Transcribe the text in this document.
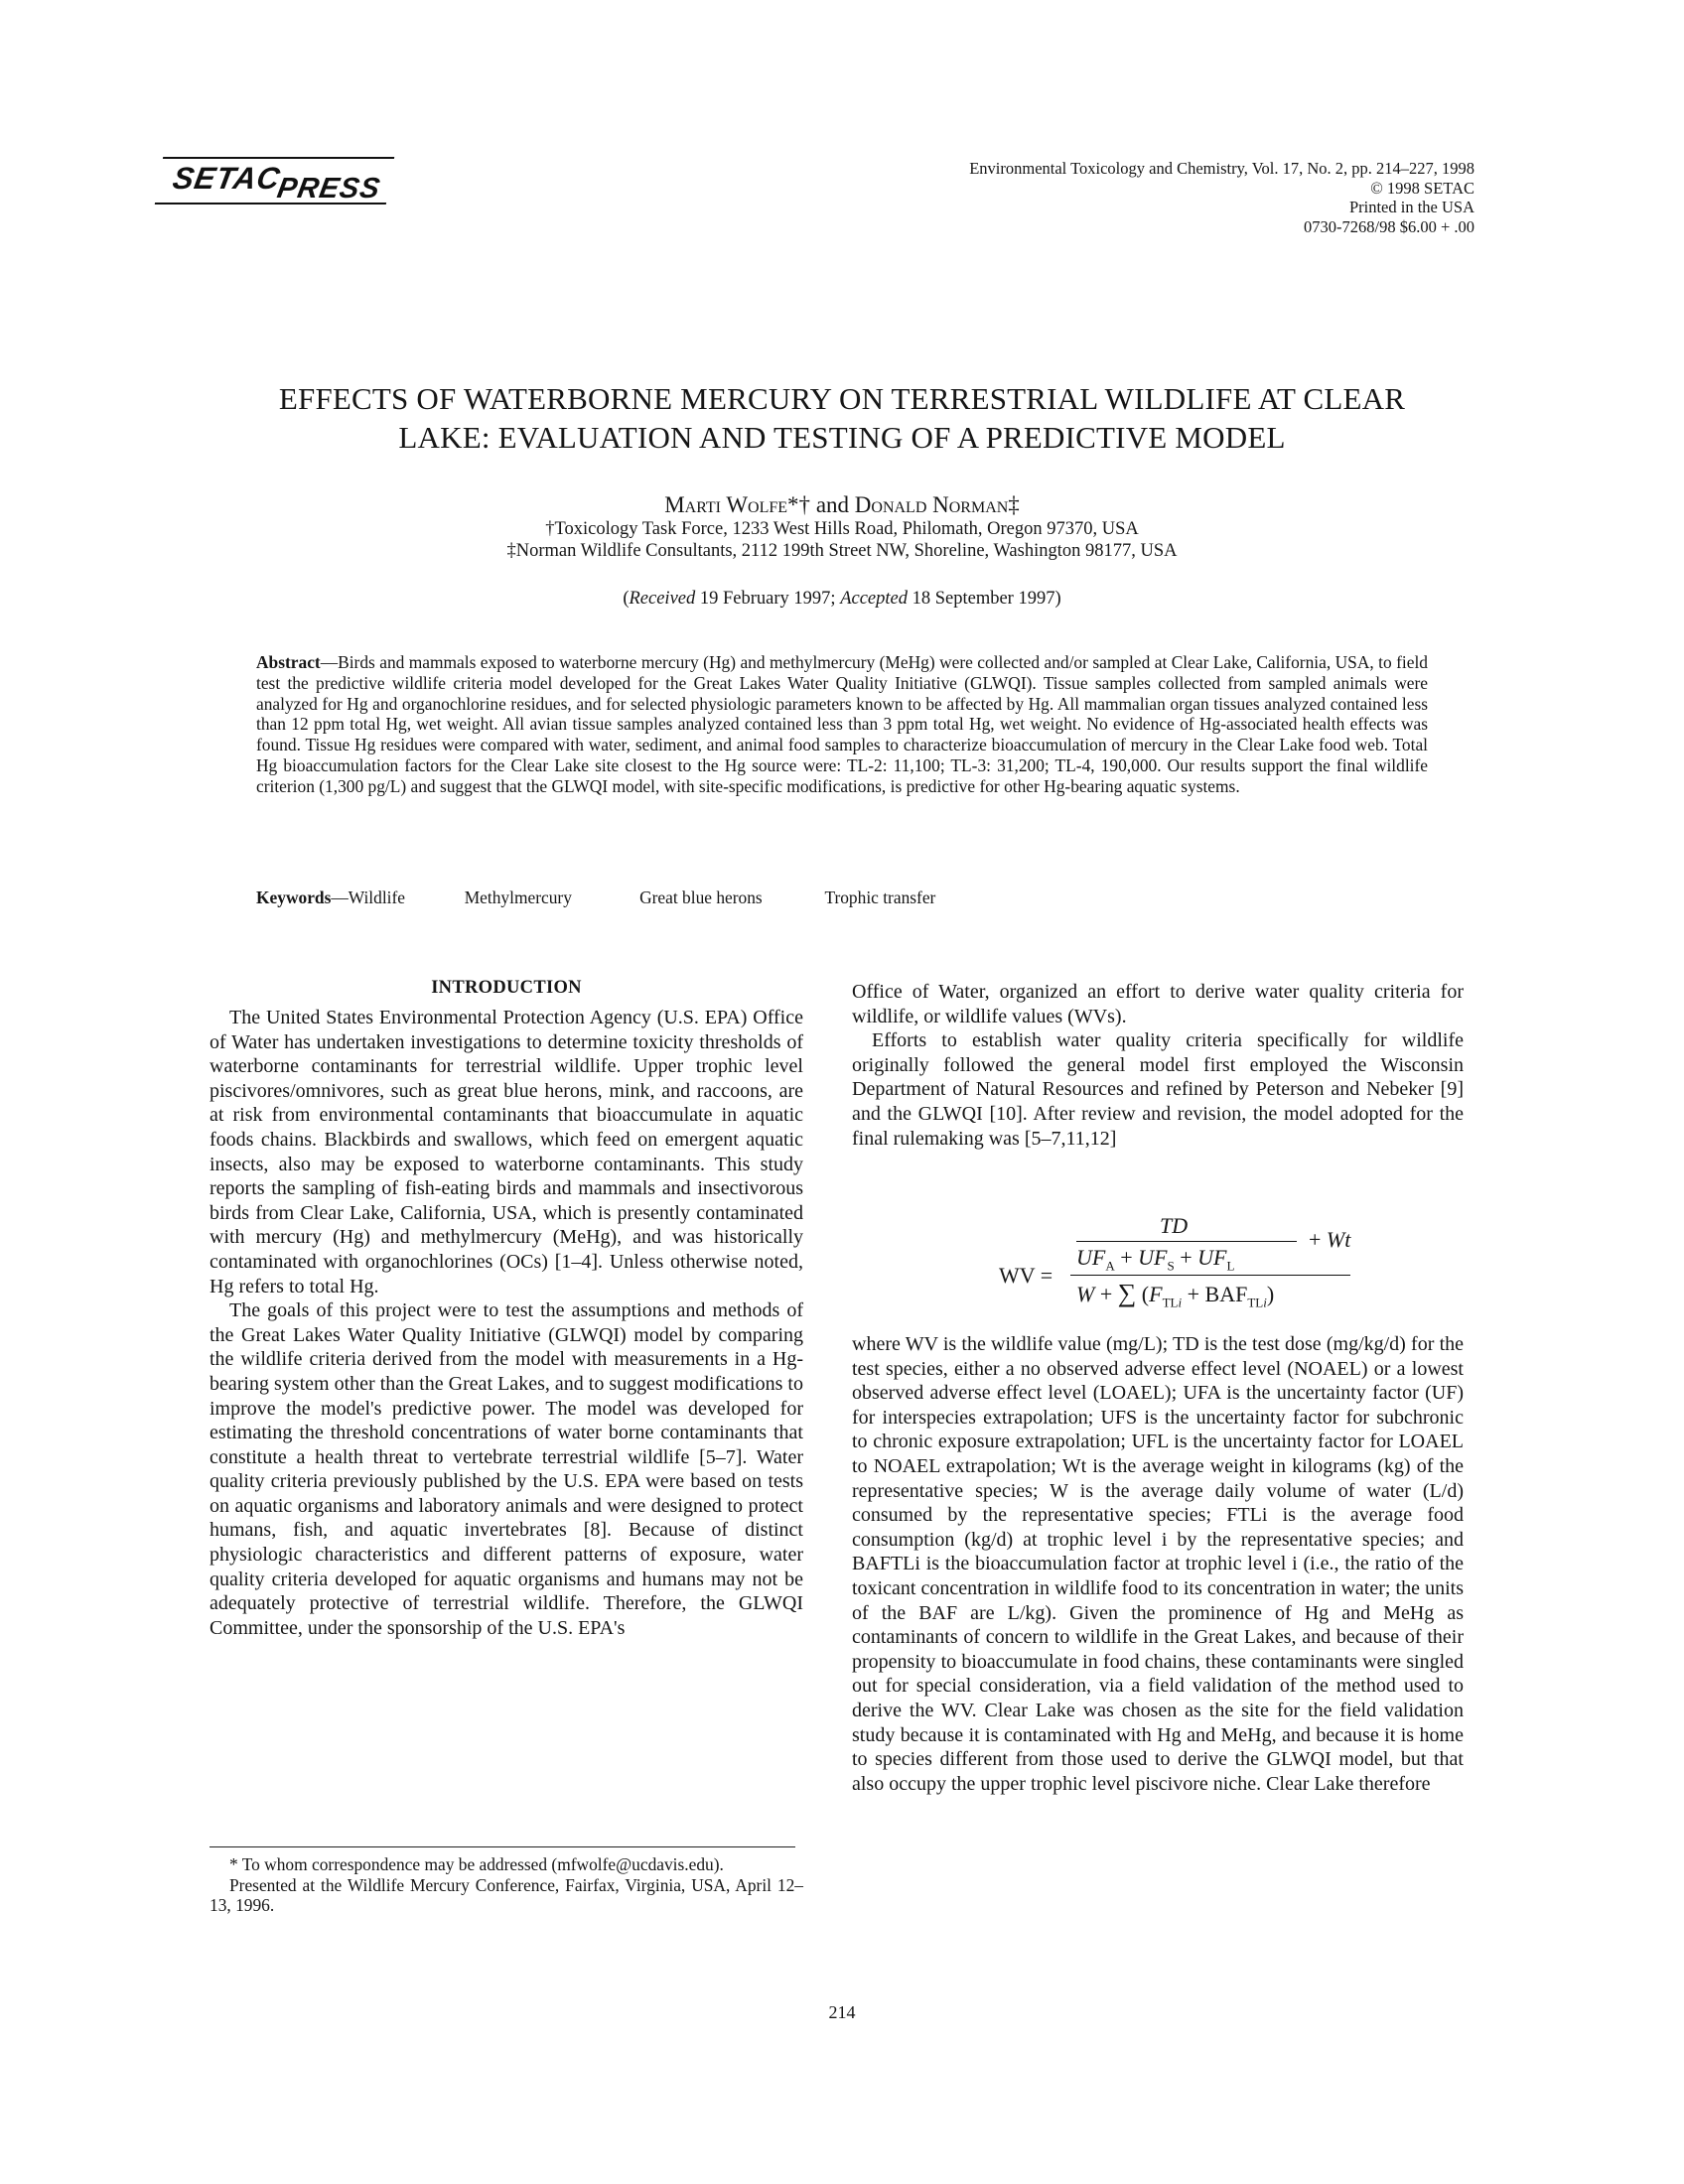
SETAC
PRESS
Environmental Toxicology and Chemistry, Vol. 17, No. 2, pp. 214–227, 1998
© 1998 SETAC
Printed in the USA
0730-7268/98 $6.00 + .00
EFFECTS OF WATERBORNE MERCURY ON TERRESTRIAL WILDLIFE AT CLEAR
LAKE: EVALUATION AND TESTING OF A PREDICTIVE MODEL
Marti Wolfe*† and Donald Norman‡
†Toxicology Task Force, 1233 West Hills Road, Philomath, Oregon 97370, USA
‡Norman Wildlife Consultants, 2112 199th Street NW, Shoreline, Washington 98177, USA
(Received 19 February 1997; Accepted 18 September 1997)
Abstract—Birds and mammals exposed to waterborne mercury (Hg) and methylmercury (MeHg) were collected and/or sampled at Clear Lake, California, USA, to field test the predictive wildlife criteria model developed for the Great Lakes Water Quality Initiative (GLWQI). Tissue samples collected from sampled animals were analyzed for Hg and organochlorine residues, and for selected physiologic parameters known to be affected by Hg. All mammalian organ tissues analyzed contained less than 12 ppm total Hg, wet weight. All avian tissue samples analyzed contained less than 3 ppm total Hg, wet weight. No evidence of Hg-associated health effects was found. Tissue Hg residues were compared with water, sediment, and animal food samples to characterize bioaccumulation of mercury in the Clear Lake food web. Total Hg bioaccumulation factors for the Clear Lake site closest to the Hg source were: TL-2: 11,100; TL-3: 31,200; TL-4, 190,000. Our results support the final wildlife criterion (1,300 pg/L) and suggest that the GLWQI model, with site-specific modifications, is predictive for other Hg-bearing aquatic systems.
Keywords—Wildlife	Methylmercury	Great blue herons	Trophic transfer
INTRODUCTION

The United States Environmental Protection Agency (U.S. EPA) Office of Water has undertaken investigations to determine toxicity thresholds of waterborne contaminants for terrestrial wildlife. Upper trophic level piscivores/omnivores, such as great blue herons, mink, and raccoons, are at risk from environmental contaminants that bioaccumulate in aquatic foods chains. Blackbirds and swallows, which feed on emergent aquatic insects, also may be exposed to waterborne contaminants. This study reports the sampling of fish-eating birds and mammals and insectivorous birds from Clear Lake, California, USA, which is presently contaminated with mercury (Hg) and methylmercury (MeHg), and was historically contaminated with organochlorines (OCs) [1–4]. Unless otherwise noted, Hg refers to total Hg.

The goals of this project were to test the assumptions and methods of the Great Lakes Water Quality Initiative (GLWQI) model by comparing the wildlife criteria derived from the model with measurements in a Hg-bearing system other than the Great Lakes, and to suggest modifications to improve the model's predictive power. The model was developed for estimating the threshold concentrations of water borne contaminants that constitute a health threat to vertebrate terrestrial wildlife [5–7]. Water quality criteria previously published by the U.S. EPA were based on tests on aquatic organisms and laboratory animals and were designed to protect humans, fish, and aquatic invertebrates [8]. Because of distinct physiologic characteristics and different patterns of exposure, water quality criteria developed for aquatic organisms and humans may not be adequately protective of terrestrial wildlife. Therefore, the GLWQI Committee, under the sponsorship of the U.S. EPA's

Office of Water, organized an effort to derive water quality criteria for wildlife, or wildlife values (WVs).

Efforts to establish water quality criteria specifically for wildlife originally followed the general model first employed the Wisconsin Department of Natural Resources and refined by Peterson and Nebeker [9] and the GLWQI [10]. After review and revision, the model adopted for the final rulemaking was [5–7,11,12]

WV =
TD
$UF_A + UF_S + UF_L$
+ Wt
W + ∑ $(F_{TLi} + BAF_{TLi})$

where WV is the wildlife value (mg/L); TD is the test dose (mg/kg/d) for the test species, either a no observed adverse effect level (NOAEL) or a lowest observed adverse effect level (LOAEL); UFA is the uncertainty factor (UF) for interspecies extrapolation; UFS is the uncertainty factor for subchronic to chronic exposure extrapolation; UFL is the uncertainty factor for LOAEL to NOAEL extrapolation; Wt is the average weight in kilograms (kg) of the representative species; W is the average daily volume of water (L/d) consumed by the representative species; FTLi is the average food consumption (kg/d) at trophic level i by the representative species; and BAFTLi is the bioaccumulation factor at trophic level i (i.e., the ratio of the toxicant concentration in wildlife food to its concentration in water; the units of the BAF are L/kg). Given the prominence of Hg and MeHg as contaminants of concern to wildlife in the Great Lakes, and because of their propensity to bioaccumulate in food chains, these contaminants were singled out for special consideration, via a field validation of the method used to derive the WV. Clear Lake was chosen as the site for the field validation study because it is contaminated with Hg and MeHg, and because it is home to species different from those used to derive the GLWQI model, but that also occupy the upper trophic level piscivore niche. Clear Lake therefore

* To whom correspondence may be addressed (mfwolfe@ucdavis.edu).

Presented at the Wildlife Mercury Conference, Fairfax, Virginia, USA, April 12–13, 1996.

214
